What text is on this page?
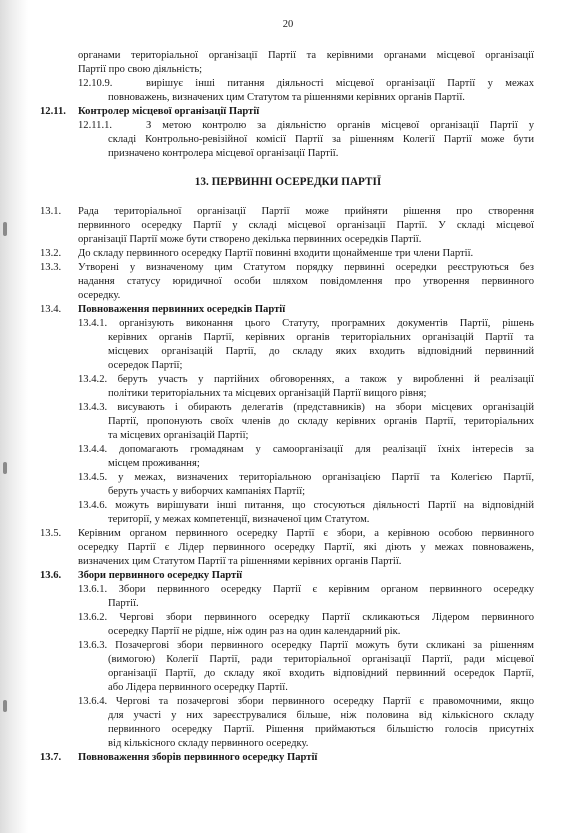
20
органами територіальної організації Партії та керівними органами місцевої організації
Партії про свою діяльність;
12.10.9.	вирішує інші питання діяльності місцевої організації Партії у межах
повноважень, визначених цим Статутом та рішеннями керівних органів Партії.
12.11. Контролер місцевої організації Партії
12.11.1.	З метою контролю за діяльністю органів місцевої організації Партії у
складі Контрольно-ревізійної комісії Партії за рішенням Колегії Партії може бути
призначено контролера місцевої організації Партії.
13. ПЕРВИННІ ОСЕРЕДКИ ПАРТІЇ
13.1. Рада територіальної організації Партії може прийняти рішення про створення
первинного осередку Партії у складі місцевої організації Партії. У складі місцевої
організації Партії може бути створено декілька первинних осередків Партії.
13.2. До складу первинного осередку Партії повинні входити щонайменше три члени Партії.
13.3. Утворені у визначеному цим Статутом порядку первинні осередки реєструються без
надання статусу юридичної особи шляхом повідомлення про утворення первинного
осередку.
13.4. Повноваження первинних осередків Партії
13.4.1. організують виконання цього Статуту, програмних документів Партії, рішень
керівних органів Партії, керівних органів територіальних організацій Партії та
місцевих організацій Партії, до складу яких входить відповідний первинний
осередок Партії;
13.4.2. беруть участь у партійних обговореннях, а також у виробленні й реалізації
політики територіальних та місцевих організацій Партії вищого рівня;
13.4.3. висувають і обирають делегатів (представників) на збори місцевих організацій
Партії, пропонують своїх членів до складу керівних органів Партії, територіальних
та місцевих організацій Партії;
13.4.4. допомагають громадянам у самоорганізації для реалізації їхніх інтересів за
місцем проживання;
13.4.5. у межах, визначених територіальною організацією Партії та Колегією Партії,
беруть участь у виборчих кампаніях Партії;
13.4.6. можуть вирішувати інші питання, що стосуються діяльності Партії на відповідній
території, у межах компетенції, визначеної цим Статутом.
13.5. Керівним органом первинного осередку Партії є збори, а керівною особою первинного
осередку Партії є Лідер первинного осередку Партії, які діють у межах повноважень,
визначених цим Статутом Партії та рішеннями керівних органів Партії.
13.6. Збори первинного осередку Партії
13.6.1. Збори первинного осередку Партії є керівним органом первинного осередку
Партії.
13.6.2. Чергові збори первинного осередку Партії скликаються Лідером первинного
осередку Партії не рідше, ніж один раз на один календарний рік.
13.6.3. Позачергові збори первинного осередку Партії можуть бути скликані за рішенням
(вимогою) Колегії Партії, ради територіальної організації Партії, ради місцевої
організації Партії, до складу якої входить відповідний первинний осередок Партії,
або Лідера первинного осередку Партії.
13.6.4. Чергові та позачергові збори первинного осередку Партії є правомочними, якщо
для участі у них зареєструвалися більше, ніж половина від кількісного складу
первинного осередку Партії. Рішення приймаються більшістю голосів присутніх
від кількісного складу первинного осередку.
13.7. Повноваження зборів первинного осередку Партії
